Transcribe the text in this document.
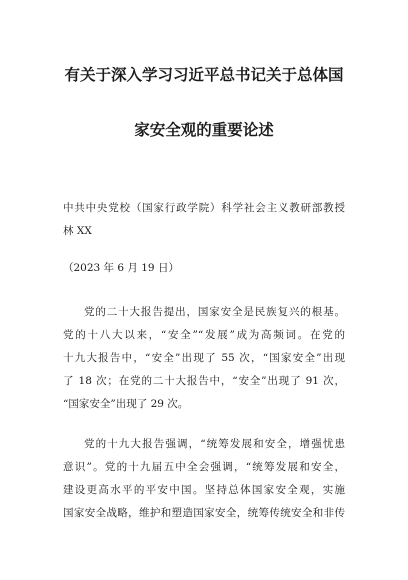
有关于深入学习习近平总书记关于总体国
家安全观的重要论述
中共中央党校（国家行政学院）科学社会主义教研部教授
林 XX
（2023 年 6 月 19 日）
党的二十大报告提出，国家安全是民族复兴的根基。
党的十八大以来，“安全”“发展”成为高频词。在党的
十九大报告中，“安全”出现了 55 次，“国家安全”出现
了 18 次；在党的二十大报告中，“安全”出现了 91 次，
“国家安全”出现了 29 次。
党的十九大报告强调，“统筹发展和安全，增强忧患
意识”。党的十九届五中全会强调，“统筹发展和安全，
建设更高水平的平安中国。坚持总体国家安全观，实施
国家安全战略，维护和塑造国家安全，统筹传统安全和非传
